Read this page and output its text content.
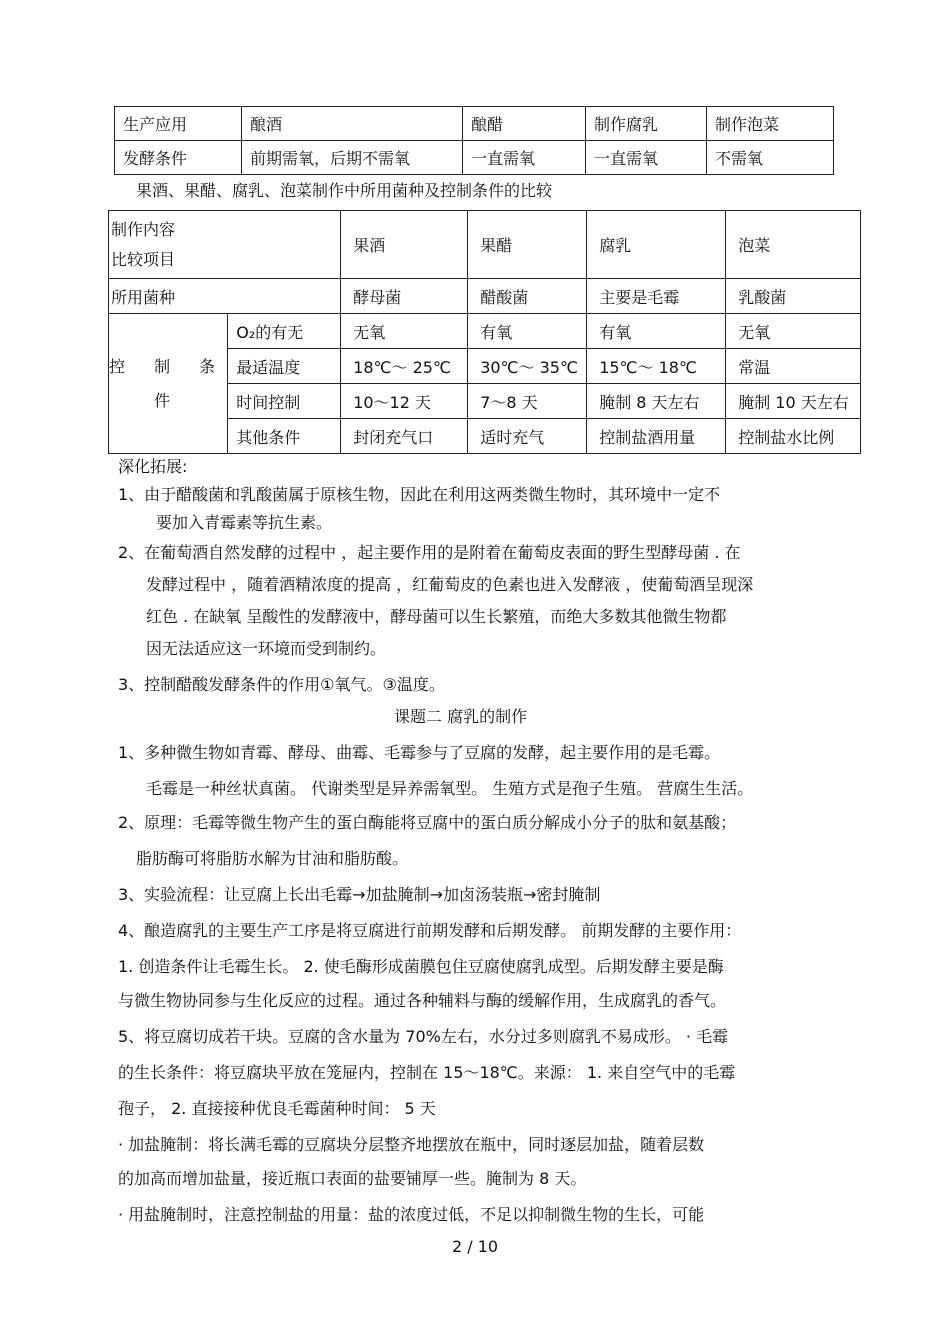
生产应用	酿酒	酿醋	制作腐乳	制作泡菜
发酵条件	前期需氧，后期不需氧	一直需氧	一直需氧	不需氧
果酒、果醋、腐乳、泡菜制作中所用菌种及控制条件的比较
制作内容
比较项目		果酒	果醋	腐乳	泡菜
所用菌种		酵母菌	醋酸菌	主要是毛霉	乳酸菌

控 制 条
件	O₂的有无	无氧	有氧	有氧	无氧
	最适温度	18℃～ 25℃	30℃～ 35℃	15℃～ 18℃	常温
	时间控制	10～12 天	7～8 天	腌制 8 天左右	腌制 10 天左右
	其他条件	封闭充气口	适时充气	控制盐酒用量	控制盐水比例
深化拓展:
1、由于醋酸菌和乳酸菌属于原核生物，因此在利用这两类微生物时，其环境中一定不
要加入青霉素等抗生素。
2、在葡萄酒自然发酵的过程中 ，起主要作用的是附着在葡萄皮表面的野生型酵母菌 . 在
发酵过程中 ，随着酒精浓度的提高 ，红葡萄皮的色素也进入发酵液 ，使葡萄酒呈现深
红色 . 在缺氧 呈酸性的发酵液中，酵母菌可以生长繁殖，而绝大多数其他微生物都
因无法适应这一环境而受到制约。
3、控制醋酸发酵条件的作用①氧气。③温度。
课题二 腐乳的制作
1、多种微生物如青霉、酵母、曲霉、毛霉参与了豆腐的发酵，起主要作用的是毛霉。
毛霉是一种丝状真菌。 代谢类型是异养需氧型。 生殖方式是孢子生殖。 营腐生生活。
2、原理：毛霉等微生物产生的蛋白酶能将豆腐中的蛋白质分解成小分子的肽和氨基酸；
脂肪酶可将脂肪水解为甘油和脂肪酸。
3、实验流程：让豆腐上长出毛霉→加盐腌制→加卤汤装瓶→密封腌制
4、酿造腐乳的主要生产工序是将豆腐进行前期发酵和后期发酵。 前期发酵的主要作用：
1. 创造条件让毛霉生长。 2. 使毛酶形成菌膜包住豆腐使腐乳成型。后期发酵主要是酶
与微生物协同参与生化反应的过程。通过各种辅料与酶的缓解作用，生成腐乳的香气。
5、将豆腐切成若干块。豆腐的含水量为 70%左右，水分过多则腐乳不易成形。 · 毛霉
的生长条件：将豆腐块平放在笼屉内，控制在 15～18℃。来源： 1. 来自空气中的毛霉
孢子， 2. 直接接种优良毛霉菌种时间： 5 天
· 加盐腌制：将长满毛霉的豆腐块分层整齐地摆放在瓶中，同时逐层加盐，随着层数
的加高而增加盐量，接近瓶口表面的盐要铺厚一些。腌制为 8 天。
· 用盐腌制时，注意控制盐的用量：盐的浓度过低，不足以抑制微生物的生长，可能
2 / 10
